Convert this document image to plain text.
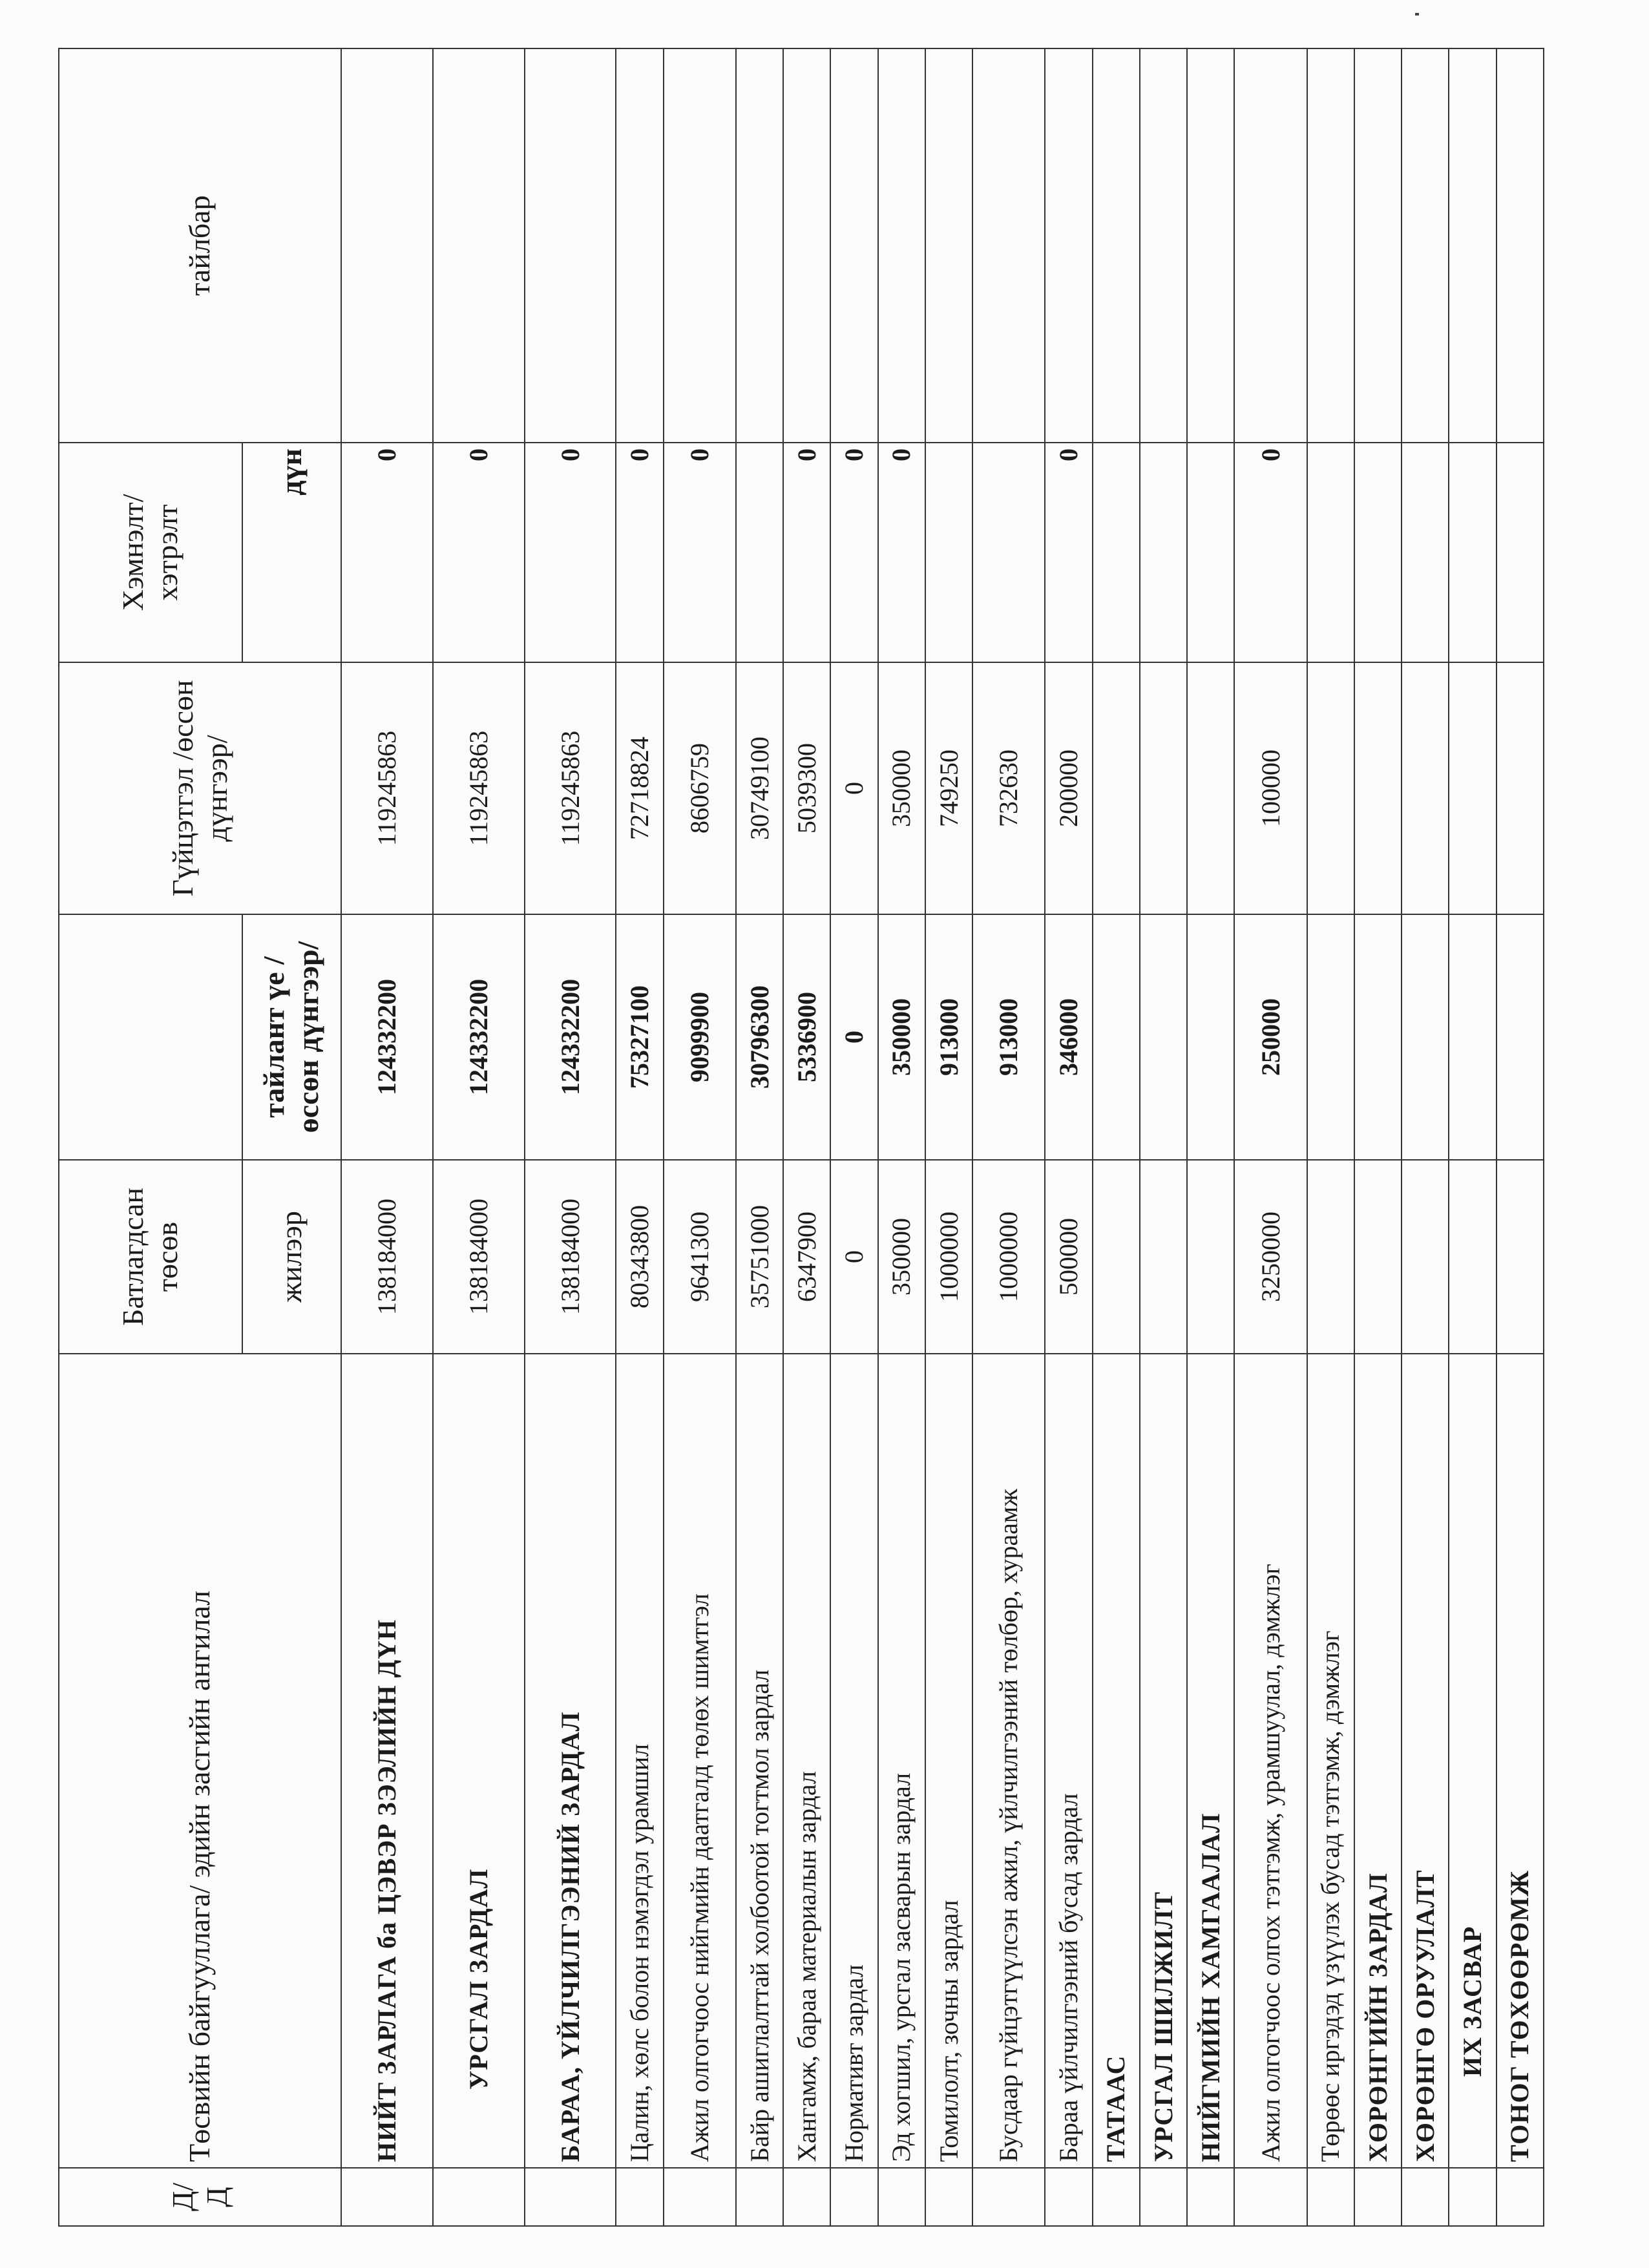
Д/Д	Төсвийн байгууллага/ эдийн засгийн ангилал	Батлагдсан төсөв		Гүйцэтгэл /өссөн дүнгээр/	Хэмнэлт/ хэтрэлт	тайлбар
		жилээр	тайлант үе /өссөн дүнгээр/		дүн	
	НИЙТ ЗАРЛАГА ба ЦЭВЭР ЗЭЭЛИЙН ДҮН	138184000	124332200	119245863	0	
	УРСГАЛ ЗАРДАЛ	138184000	124332200	119245863	0	
	БАРАА, ҮЙЛЧИЛГЭЭНИЙ ЗАРДАЛ	138184000	124332200	119245863	0	
	Цалин, хөлс болон нэмэгдэл урамшил	80343800	75327100	72718824	0	
	Ажил олгогчоос нийгмийн даатгалд төлөх шимтгэл	9641300	9099900	8606759	0	
	Байр ашиглалттай холбоотой тогтмол зардал	35751000	30796300	30749100		
	Хангамж, бараа материалын зардал	6347900	5336900	5039300	0	
	Нормативт зардал	0	0	0	0	
	Эд хогшил, урсгал засварын зардал	350000	350000	350000	0	
	Томилолт, зочны зардал	1000000	913000	749250		
	Бусдаар гүйцэтгүүлсэн ажил, үйлчилгээний төлбөр, хураамж	1000000	913000	732630		
	Бараа үйлчилгээний бусад зардал	500000	346000	200000	0	
	ТАТААС					
	УРСГАЛ ШИЛЖИЛТ					
	НИЙГМИЙН ХАМГААЛАЛ					
	Ажил олгогчоос олгох тэтгэмж, урамшуулал, дэмжлэг	3250000	250000	100000	0	
	Төрөөс иргэдэд үзүүлэх бусад тэтгэмж, дэмжлэг					
	ХӨРӨНГИЙН ЗАРДАЛ					
	ХӨРӨНГӨ ОРУУЛАЛТ					
	ИХ ЗАСВАР					
	ТОНОГ ТӨХӨӨРӨМЖ					
